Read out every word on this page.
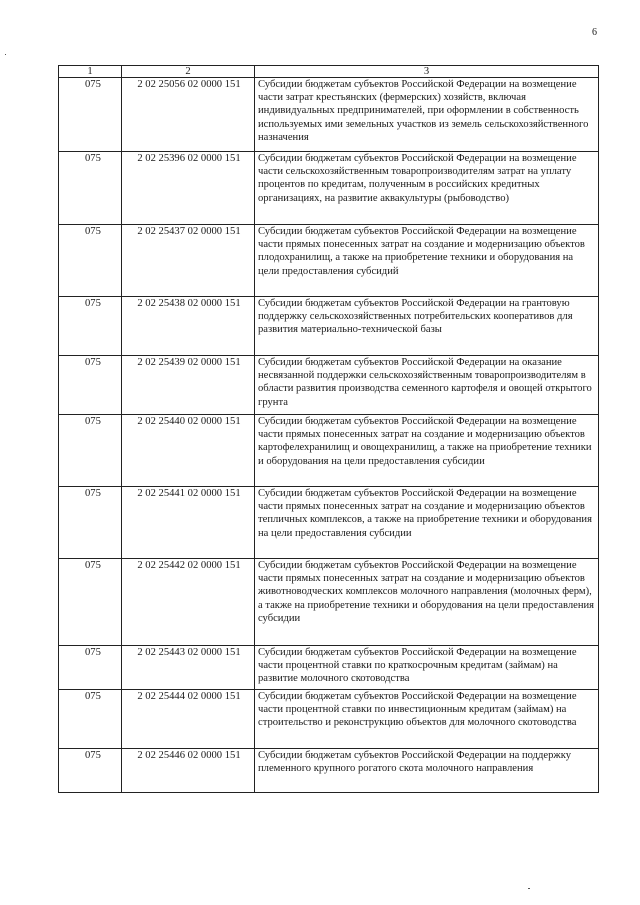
6
1	2	3
075	2 02 25056 02 0000 151	Субсидии бюджетам субъектов Российской Федерации на возмещение части затрат крестьянских (фермерских) хозяйств, включая индивидуальных предпринимателей, при оформлении в собственность используемых ими земельных участков из земель сельскохозяйственного назначения
075	2 02 25396 02 0000 151	Субсидии бюджетам субъектов Российской Федерации на возмещение части сельскохозяйственным товаропроизводителям затрат на уплату процентов по кредитам, полученным в российских кредитных организациях, на развитие аквакультуры (рыбоводство)
075	2 02 25437 02 0000 151	Субсидии бюджетам субъектов Российской Федерации на возмещение части прямых понесенных затрат на создание и модернизацию объектов плодохранилищ, а также на приобретение техники и оборудования на цели предоставления субсидий
075	2 02 25438 02 0000 151	Субсидии бюджетам субъектов Российской Федерации на грантовую поддержку сельскохозяйственных потребительских кооперативов для развития материально-технической базы
075	2 02 25439 02 0000 151	Субсидии бюджетам субъектов Российской Федерации на оказание несвязанной поддержки сельскохозяйственным товаропроизводителям в области развития производства семенного картофеля и овощей открытого грунта
075	2 02 25440 02 0000 151	Субсидии бюджетам субъектов Российской Федерации на возмещение части прямых понесенных затрат на создание и модернизацию объектов картофелехранилищ и овощехранилищ, а также на приобретение техники и оборудования на цели предоставления субсидии
075	2 02 25441 02 0000 151	Субсидии бюджетам субъектов Российской Федерации на возмещение части прямых понесенных затрат на создание и модернизацию объектов тепличных комплексов, а также на приобретение техники и оборудования на цели предоставления субсидии
075	2 02 25442 02 0000 151	Субсидии бюджетам субъектов Российской Федерации на возмещение части прямых понесенных затрат на создание и модернизацию объектов животноводческих комплексов молочного направления (молочных ферм), а также на приобретение техники и оборудования на цели предоставления субсидии
075	2 02 25443 02 0000 151	Субсидии бюджетам субъектов Российской Федерации на возмещение части процентной ставки по краткосрочным кредитам (займам) на развитие молочного скотоводства
075	2 02 25444 02 0000 151	Субсидии бюджетам субъектов Российской Федерации на возмещение части процентной ставки по инвестиционным кредитам (займам) на строительство и реконструкцию объектов для молочного скотоводства
075	2 02 25446 02 0000 151	Субсидии бюджетам субъектов Российской Федерации на поддержку племенного крупного рогатого скота молочного направления
